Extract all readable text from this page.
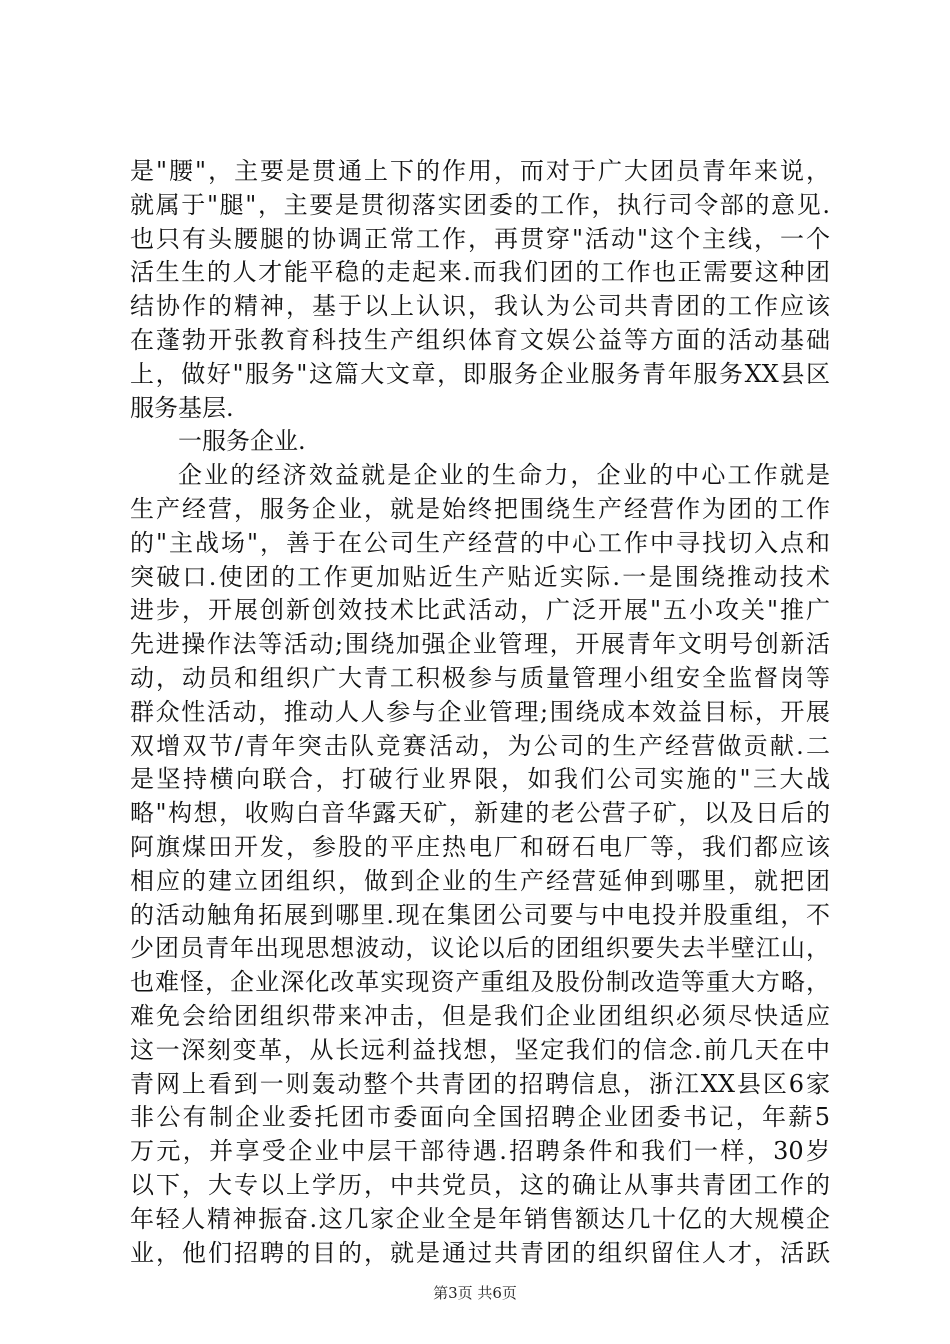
是"腰"，主要是贯通上下的作用，而对于广大团员青年来说，
就属于"腿"，主要是贯彻落实团委的工作，执行司令部的意见.
也只有头腰腿的协调正常工作，再贯穿"活动"这个主线，一个
活生生的人才能平稳的走起来.而我们团的工作也正需要这种团
结协作的精神，基于以上认识，我认为公司共青团的工作应该
在蓬勃开张教育科技生产组织体育文娱公益等方面的活动基础
上，做好"服务"这篇大文章，即服务企业服务青年服务XX县区
服务基层.
一服务企业.
企业的经济效益就是企业的生命力，企业的中心工作就是
生产经营，服务企业，就是始终把围绕生产经营作为团的工作
的"主战场"，善于在公司生产经营的中心工作中寻找切入点和
突破口.使团的工作更加贴近生产贴近实际.一是围绕推动技术
进步，开展创新创效技术比武活动，广泛开展"五小攻关"推广
先进操作法等活动;围绕加强企业管理，开展青年文明号创新活
动，动员和组织广大青工积极参与质量管理小组安全监督岗等
群众性活动，推动人人参与企业管理;围绕成本效益目标，开展
双增双节/青年突击队竞赛活动，为公司的生产经营做贡献.二
是坚持横向联合，打破行业界限，如我们公司实施的"三大战
略"构想，收购白音华露天矿，新建的老公营子矿，以及日后的
阿旗煤田开发，参股的平庄热电厂和砑石电厂等，我们都应该
相应的建立团组织，做到企业的生产经营延伸到哪里，就把团
的活动触角拓展到哪里.现在集团公司要与中电投并股重组，不
少团员青年出现思想波动，议论以后的团组织要失去半壁江山，
也难怪，企业深化改革实现资产重组及股份制改造等重大方略，
难免会给团组织带来冲击，但是我们企业团组织必须尽快适应
这一深刻变革，从长远利益找想，坚定我们的信念.前几天在中
青网上看到一则轰动整个共青团的招聘信息，浙江XX县区6家
非公有制企业委托团市委面向全国招聘企业团委书记，年薪5
万元，并享受企业中层干部待遇.招聘条件和我们一样，30岁
以下，大专以上学历，中共党员，这的确让从事共青团工作的
年轻人精神振奋.这几家企业全是年销售额达几十亿的大规模企
业，他们招聘的目的，就是通过共青团的组织留住人才，活跃
第3页 共6页
